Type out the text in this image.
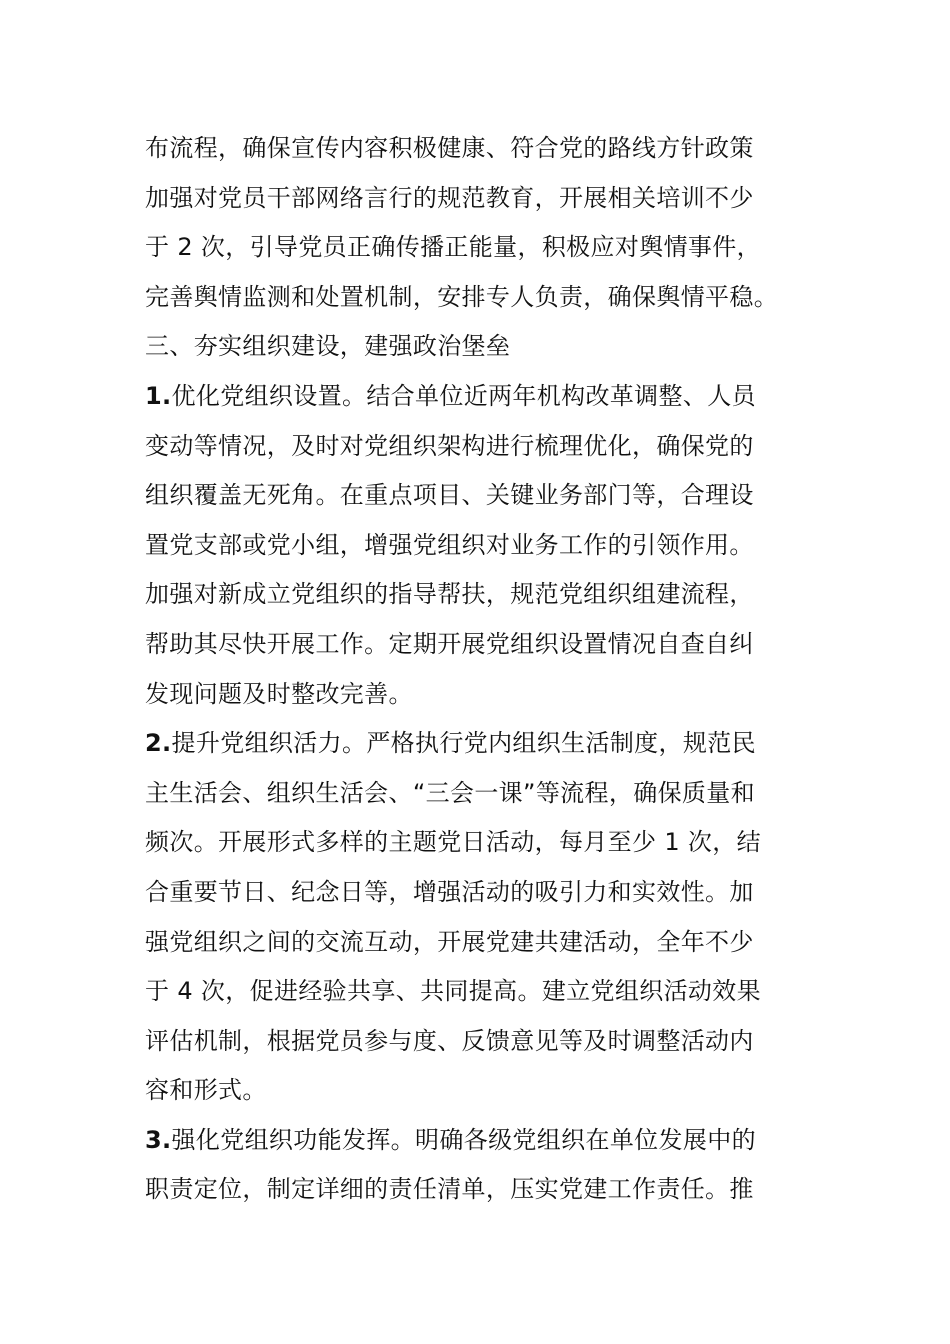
布流程，确保宣传内容积极健康、符合党的路线方针政策
加强对党员干部网络言行的规范教育，开展相关培训不少
于 2 次，引导党员正确传播正能量，积极应对舆情事件，
完善舆情监测和处置机制，安排专人负责，确保舆情平稳。
三、夯实组织建设，建强政治堡垒
1.优化党组织设置。结合单位近两年机构改革调整、人员
变动等情况，及时对党组织架构进行梳理优化，确保党的
组织覆盖无死角。在重点项目、关键业务部门等，合理设
置党支部或党小组，增强党组织对业务工作的引领作用。
加强对新成立党组织的指导帮扶，规范党组织组建流程，
帮助其尽快开展工作。定期开展党组织设置情况自查自纠
发现问题及时整改完善。
2.提升党组织活力。严格执行党内组织生活制度，规范民
主生活会、组织生活会、“三会一课”等流程，确保质量和
频次。开展形式多样的主题党日活动，每月至少 1 次，结
合重要节日、纪念日等，增强活动的吸引力和实效性。加
强党组织之间的交流互动，开展党建共建活动，全年不少
于 4 次，促进经验共享、共同提高。建立党组织活动效果
评估机制，根据党员参与度、反馈意见等及时调整活动内
容和形式。
3.强化党组织功能发挥。明确各级党组织在单位发展中的
职责定位，制定详细的责任清单，压实党建工作责任。推
